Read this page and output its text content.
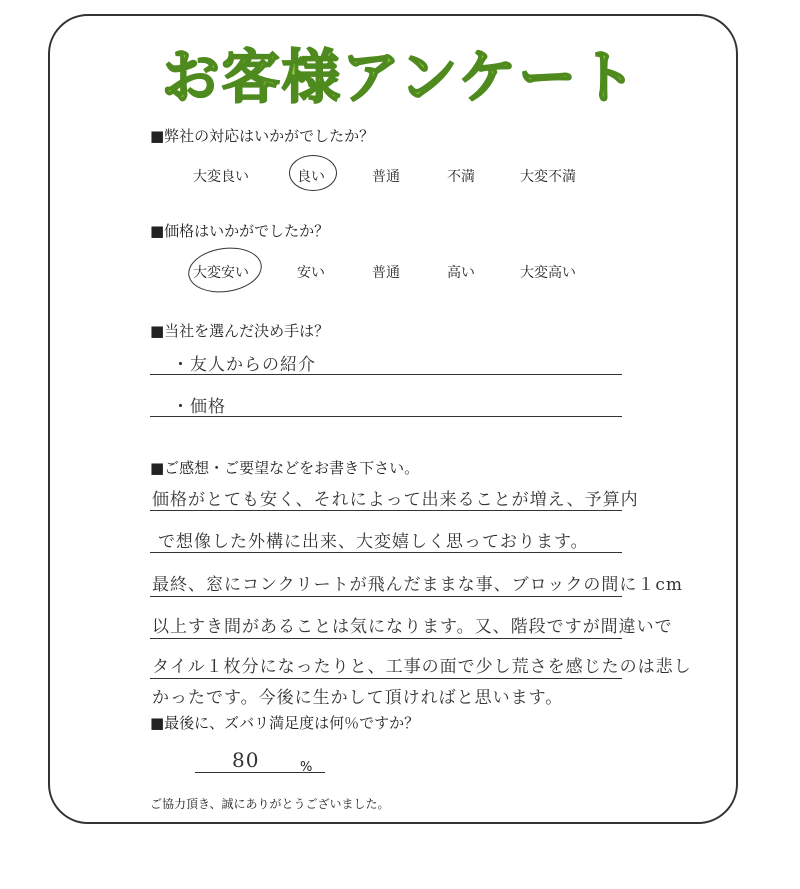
お客様アンケート
■弊社の対応はいかがでしたか？
大変良い	良い	普通	不満	大変不満
■価格はいかがでしたか？
大変安い	安い	普通	高い	大変高い
■当社を選んだ決め手は？
・友人からの紹介
・価格
■ご感想・ご要望などをお書き下さい。
価格がとても安く、それによって出来ることが増え、予算内
で想像した外構に出来、大変嬉しく思っております。
最終、窓にコンクリートが飛んだままな事、ブロックの間に１cm
以上すき間があることは気になります。又、階段ですが間違いで
タイル１枚分になったりと、工事の面で少し荒さを感じたのは悲し
かったです。今後に生かして頂ければと思います。
■最後に、ズバリ満足度は何％ですか？
80	%
ご協力頂き、誠にありがとうございました。
